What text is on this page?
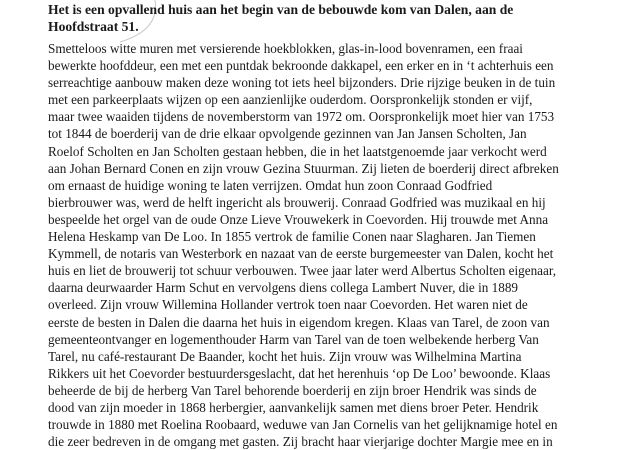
Het is een opvallend huis aan het begin van de bebouwde kom van Dalen, aan de
Hoofdstraat 51.
Smetteloos witte muren met versierende hoekblokken, glas-in-lood bovenramen, een fraai
bewerkte hoofddeur, een met een puntdak bekroonde dakkapel, een erker en in ‘t achterhuis een
serreachtige aanbouw maken deze woning tot iets heel bijzonders. Drie rijzige beuken in de tuin
met een parkeerplaats wijzen op een aanzienlijke ouderdom. Oorspronkelijk stonden er vijf,
maar twee waaiden tijdens de novemberstorm van 1972 om. Oorspronkelijk moet hier van 1753
tot 1844 de boerderij van de drie elkaar opvolgende gezinnen van Jan Jansen Scholten, Jan
Roelof Scholten en Jan Scholten gestaan hebben, die in het laatstgenoemde jaar verkocht werd
aan Johan Bernard Conen en zijn vrouw Gezina Stuurman. Zij lieten de boerderij direct afbreken
om ernaast de huidige woning te laten verrijzen. Omdat hun zoon Conraad Godfried
bierbrouwer was, werd de helft ingericht als brouwerij. Conraad Godfried was muzikaal en hij
bespeelde het orgel van de oude Onze Lieve Vrouwekerk in Coevorden. Hij trouwde met Anna
Helena Heskamp van De Loo. In 1855 vertrok de familie Conen naar Slagharen. Jan Tiemen
Kymmell, de notaris van Westerbork en nazaat van de eerste burgemeester van Dalen, kocht het
huis en liet de brouwerij tot schuur verbouwen. Twee jaar later werd Albertus Scholten eigenaar,
daarna deurwaarder Harm Schut en vervolgens diens collega Lambert Nuver, die in 1889
overleed. Zijn vrouw Willemina Hollander vertrok toen naar Coevorden. Het waren niet de
eerste de besten in Dalen die daarna het huis in eigendom kregen. Klaas van Tarel, de zoon van
gemeenteontvanger en logementhouder Harm van Tarel van de toen welbekende herberg Van
Tarel, nu café-restaurant De Baander, kocht het huis. Zijn vrouw was Wilhelmina Martina
Rikkers uit het Coevorder bestuurdersgeslacht, dat het herenhuis ‘op De Loo’ bewoonde. Klaas
beheerde de bij de herberg Van Tarel behorende boerderij en zijn broer Hendrik was sinds de
dood van zijn moeder in 1868 herbergier, aanvankelijk samen met diens broer Peter. Hendrik
trouwde in 1880 met Roelina Roobaard, weduwe van Jan Cornelis van het gelijknamige hotel en
die zeer bedreven in de omgang met gasten. Zij bracht haar vierjarige dochter Margie mee en in
